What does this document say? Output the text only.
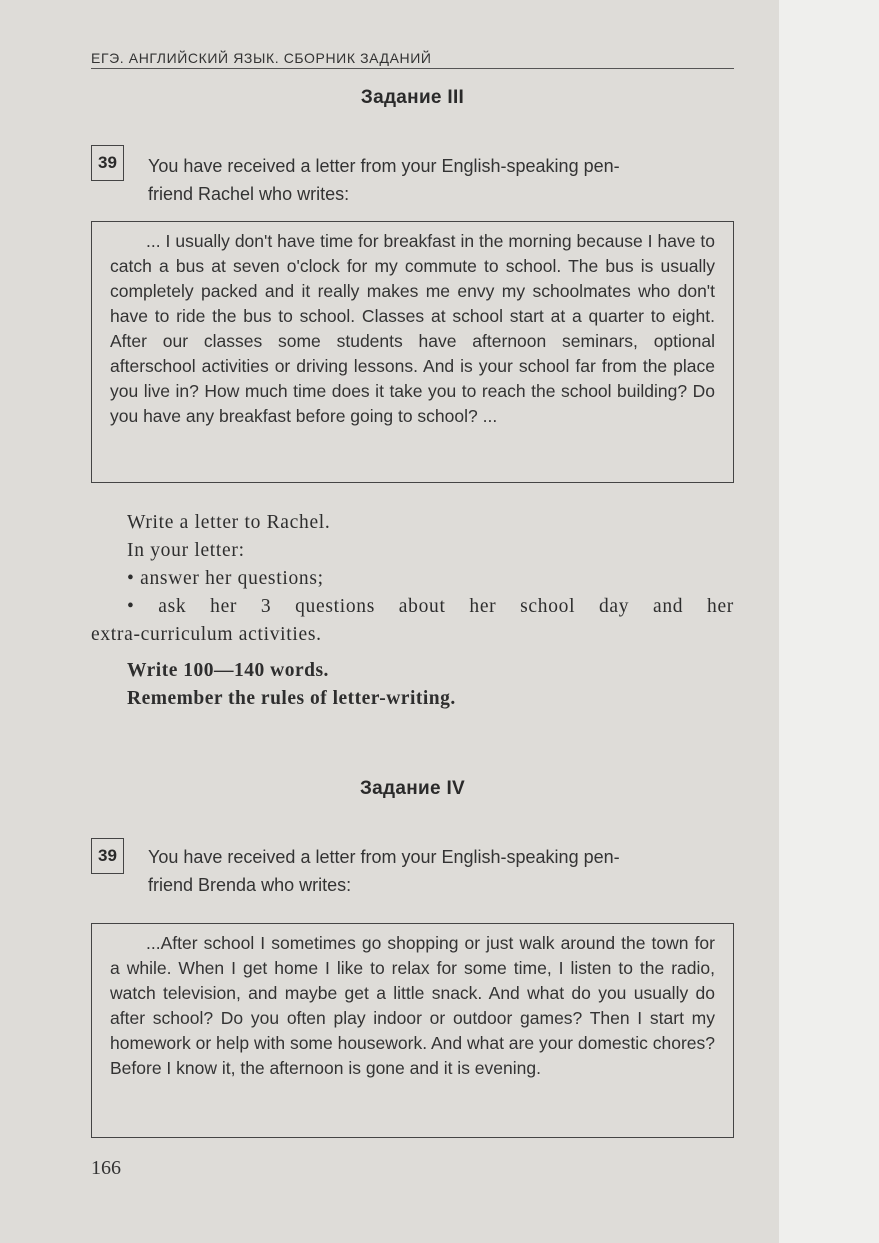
ЕГЭ. АНГЛИЙСКИЙ ЯЗЫК. СБОРНИК ЗАДАНИЙ
Задание III
39	You have received a letter from your English-speaking pen-
friend Rachel who writes:

... I usually don't have time for breakfast in the morning because I have to catch a bus at seven o'clock for my commute to school. The bus is usually completely packed and it really makes me envy my schoolmates who don't have to ride the bus to school. Classes at school start at a quarter to eight. After our classes some students have afternoon seminars, optional afterschool activities or driving lessons. And is your school far from the place you live in? How much time does it take you to reach the school building? Do you have any breakfast before going to school? ...

Write a letter to Rachel.
In your letter:
• answer her questions;
• ask her 3 questions about her school day and her
extra-curriculum activities.
Write 100—140 words.
Remember the rules of letter-writing.
Задание IV
39	You have received a letter from your English-speaking pen-
friend Brenda who writes:

...After school I sometimes go shopping or just walk around the town for a while. When I get home I like to relax for some time, I listen to the radio, watch television, and maybe get a little snack. And what do you usually do after school? Do you often play indoor or outdoor games? Then I start my homework or help with some housework. And what are your domestic chores? Before I know it, the afternoon is gone and it is evening.

166
